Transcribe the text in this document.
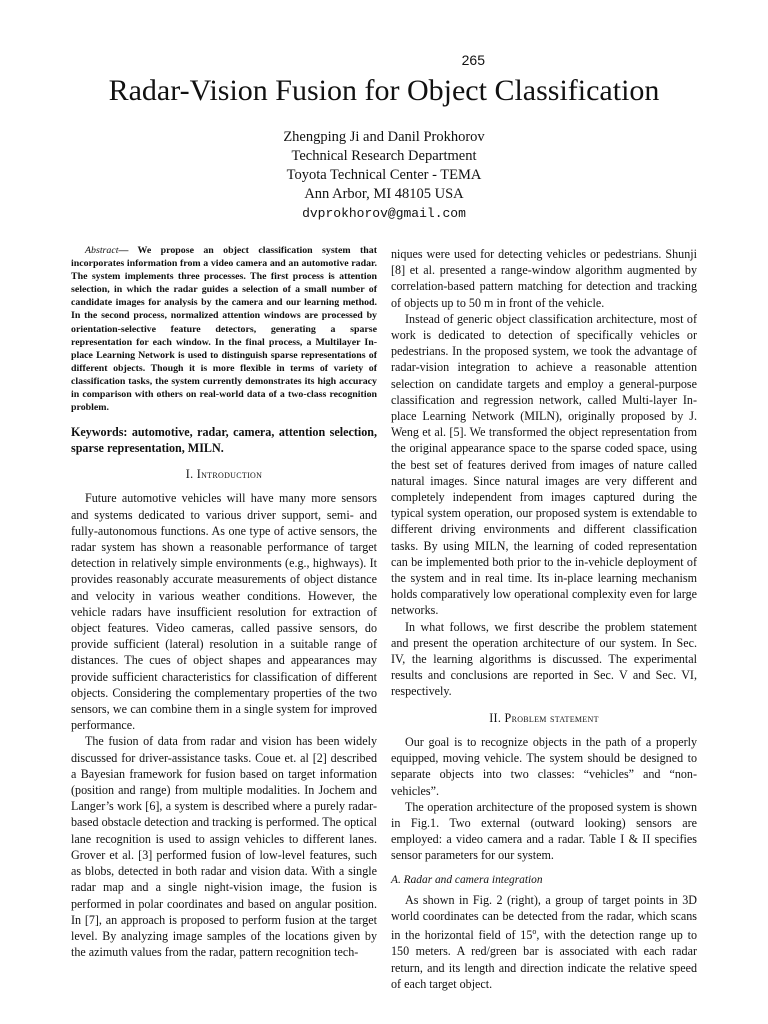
265
Radar-Vision Fusion for Object Classification
Zhengping Ji and Danil Prokhorov
Technical Research Department
Toyota Technical Center - TEMA
Ann Arbor, MI 48105 USA
dvprokhorov@gmail.com

Abstract— We propose an object classification system that incorporates information from a video camera and an automotive radar. The system implements three processes. The first process is attention selection, in which the radar guides a selection of a small number of candidate images for analysis by the camera and our learning method. In the second process, normalized attention windows are processed by orientation-selective feature detectors, generating a sparse representation for each window. In the final process, a Multilayer In-place Learning Network is used to distinguish sparse representations of different objects. Though it is more flexible in terms of variety of classification tasks, the system currently demonstrates its high accuracy in comparison with others on real-world data of a two-class recognition problem.

Keywords: automotive, radar, camera, attention selection, sparse representation, MILN.

I. Introduction

Future automotive vehicles will have many more sensors and systems dedicated to various driver support, semi- and fully-autonomous functions. As one type of active sensors, the radar system has shown a reasonable performance of target detection in relatively simple environments (e.g., highways). It provides reasonably accurate measurements of object distance and velocity in various weather conditions. However, the vehicle radars have insufficient resolution for extraction of object features. Video cameras, called passive sensors, do provide sufficient (lateral) resolution in a suitable range of distances. The cues of object shapes and appearances may provide sufficient characteristics for classification of different objects. Considering the complementary properties of the two sensors, we can combine them in a single system for improved performance.

The fusion of data from radar and vision has been widely discussed for driver-assistance tasks. Coue et. al [2] described a Bayesian framework for fusion based on target information (position and range) from multiple modalities. In Jochem and Langer’s work [6], a system is described where a purely radar-based obstacle detection and tracking is performed. The optical lane recognition is used to assign vehicles to different lanes. Grover et al. [3] performed fusion of low-level features, such as blobs, detected in both radar and vision data. With a single radar map and a single night-vision image, the fusion is performed in polar coordinates and based on angular position. In [7], an approach is proposed to perform fusion at the target level. By analyzing image samples of the locations given by the azimuth values from the radar, pattern recognition tech-

niques were used for detecting vehicles or pedestrians. Shunji [8] et al. presented a range-window algorithm augmented by correlation-based pattern matching for detection and tracking of objects up to 50 m in front of the vehicle.

Instead of generic object classification architecture, most of work is dedicated to detection of specifically vehicles or pedestrians. In the proposed system, we took the advantage of radar-vision integration to achieve a reasonable attention selection on candidate targets and employ a general-purpose classification and regression network, called Multi-layer In-place Learning Network (MILN), originally proposed by J. Weng et al. [5]. We transformed the object representation from the original appearance space to the sparse coded space, using the best set of features derived from images of nature called natural images. Since natural images are very different and completely independent from images captured during the typical system operation, our proposed system is extendable to different driving environments and different classification tasks. By using MILN, the learning of coded representation can be implemented both prior to the in-vehicle deployment of the system and in real time. Its in-place learning mechanism holds comparatively low operational complexity even for large networks.

In what follows, we first describe the problem statement and present the operation architecture of our system. In Sec. IV, the learning algorithms is discussed. The experimental results and conclusions are reported in Sec. V and Sec. VI, respectively.

II. Problem statement

Our goal is to recognize objects in the path of a properly equipped, moving vehicle. The system should be designed to separate objects into two classes: “vehicles” and “non-vehicles”.

The operation architecture of the proposed system is shown in Fig.1. Two external (outward looking) sensors are employed: a video camera and a radar. Table I & II specifies sensor parameters for our system.

A. Radar and camera integration

As shown in Fig. 2 (right), a group of target points in 3D world coordinates can be detected from the radar, which scans in the horizontal field of 15$^o$, with the detection range up to 150 meters. A red/green bar is associated with each radar return, and its length and direction indicate the relative speed of each target object.
